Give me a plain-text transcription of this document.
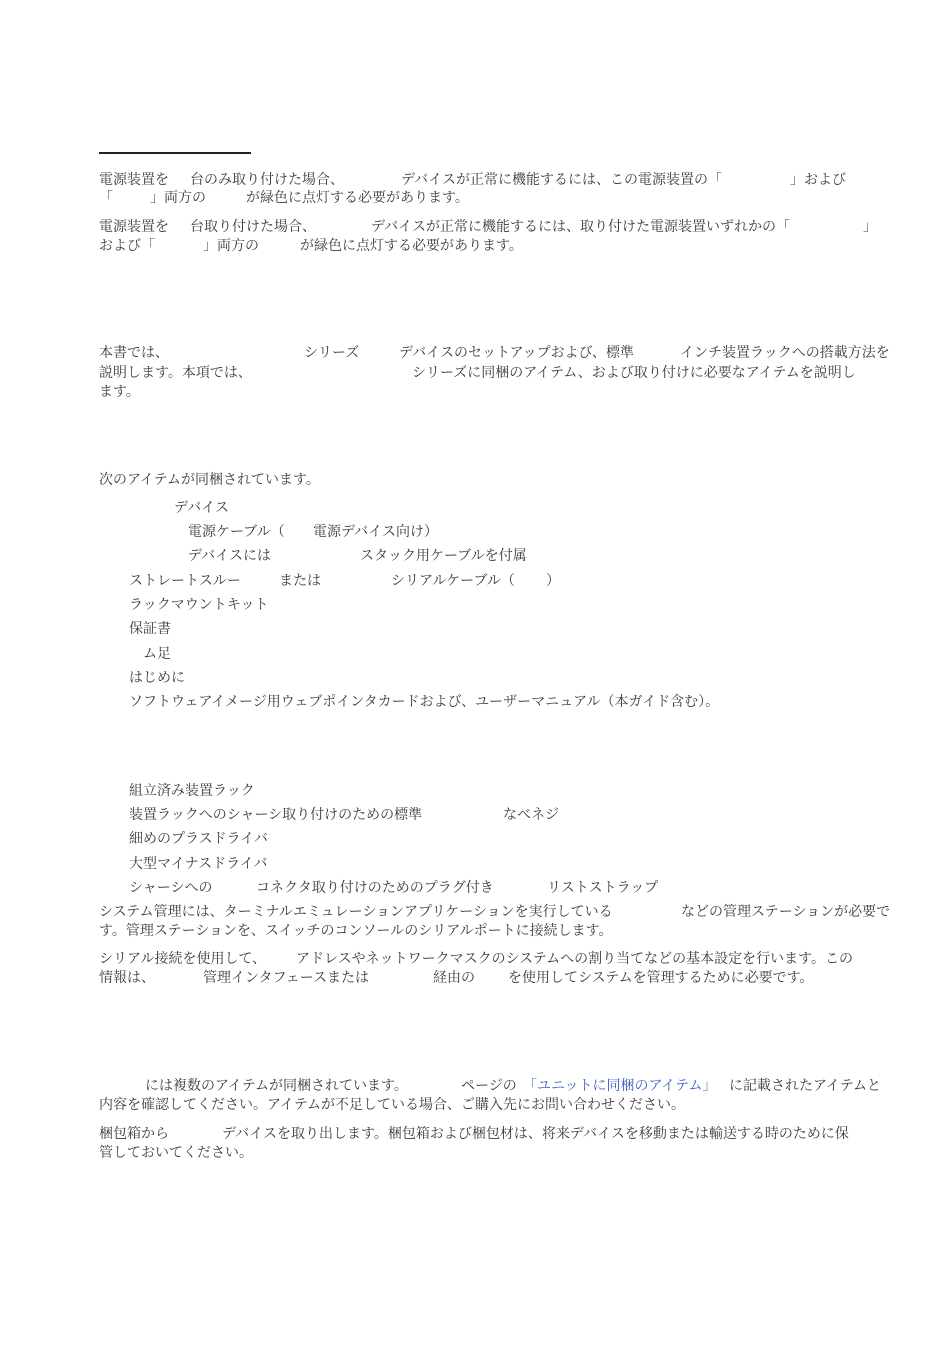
電源装置を 台のみ取り付けた場合、	デバイスが正常に機能するには、この電源装置の「	」および
「	」両方の	が緑色に点灯する必要があります。
電源装置を 台取り付けた場合、	デバイスが正常に機能するには、取り付けた電源装置いずれかの「	」
および「	」両方の	が緑色に点灯する必要があります。
本書では、	シリーズ	デバイスのセットアップおよび、標準	インチ装置ラックへの搭載方法を
説明します。本項では、	シリーズに同梱のアイテム、および取り付けに必要なアイテムを説明し
ます。
次のアイテムが同梱されています。
デバイス
電源ケーブル（ 電源デバイス向け）
デバイスには	スタック用ケーブルを付属
ストレートスルー	または	シリアルケーブル（ ）
ラックマウントキット
保証書
ム足
はじめに
ソフトウェアイメージ用ウェブポインタカードおよび、ユーザーマニュアル（本ガイド含む）。
組立済み装置ラック
装置ラックへのシャーシ取り付けのための標準	なべネジ
細めのプラスドライバ
大型マイナスドライバ
シャーシへの	コネクタ取り付けのためのプラグ付き	リストストラップ
システム管理には、ターミナルエミュレーションアプリケーションを実行している	などの管理ステーションが必要で
す。管理ステーションを、スイッチのコンソールのシリアルポートに接続します。
シリアル接続を使用して、 アドレスやネットワークマスクのシステムへの割り当てなどの基本設定を行います。この
情報は、	管理インタフェースまたは	経由の を使用してシステムを管理するために必要です。
には複数のアイテムが同梱されています。	ページの 「ユニットに同梱のアイテム」 に記載されたアイテムと
内容を確認してください。アイテムが不足している場合、ご購入先にお問い合わせください。
梱包箱から	デバイスを取り出します。梱包箱および梱包材は、将来デバイスを移動または輸送する時のために保
管しておいてください。
